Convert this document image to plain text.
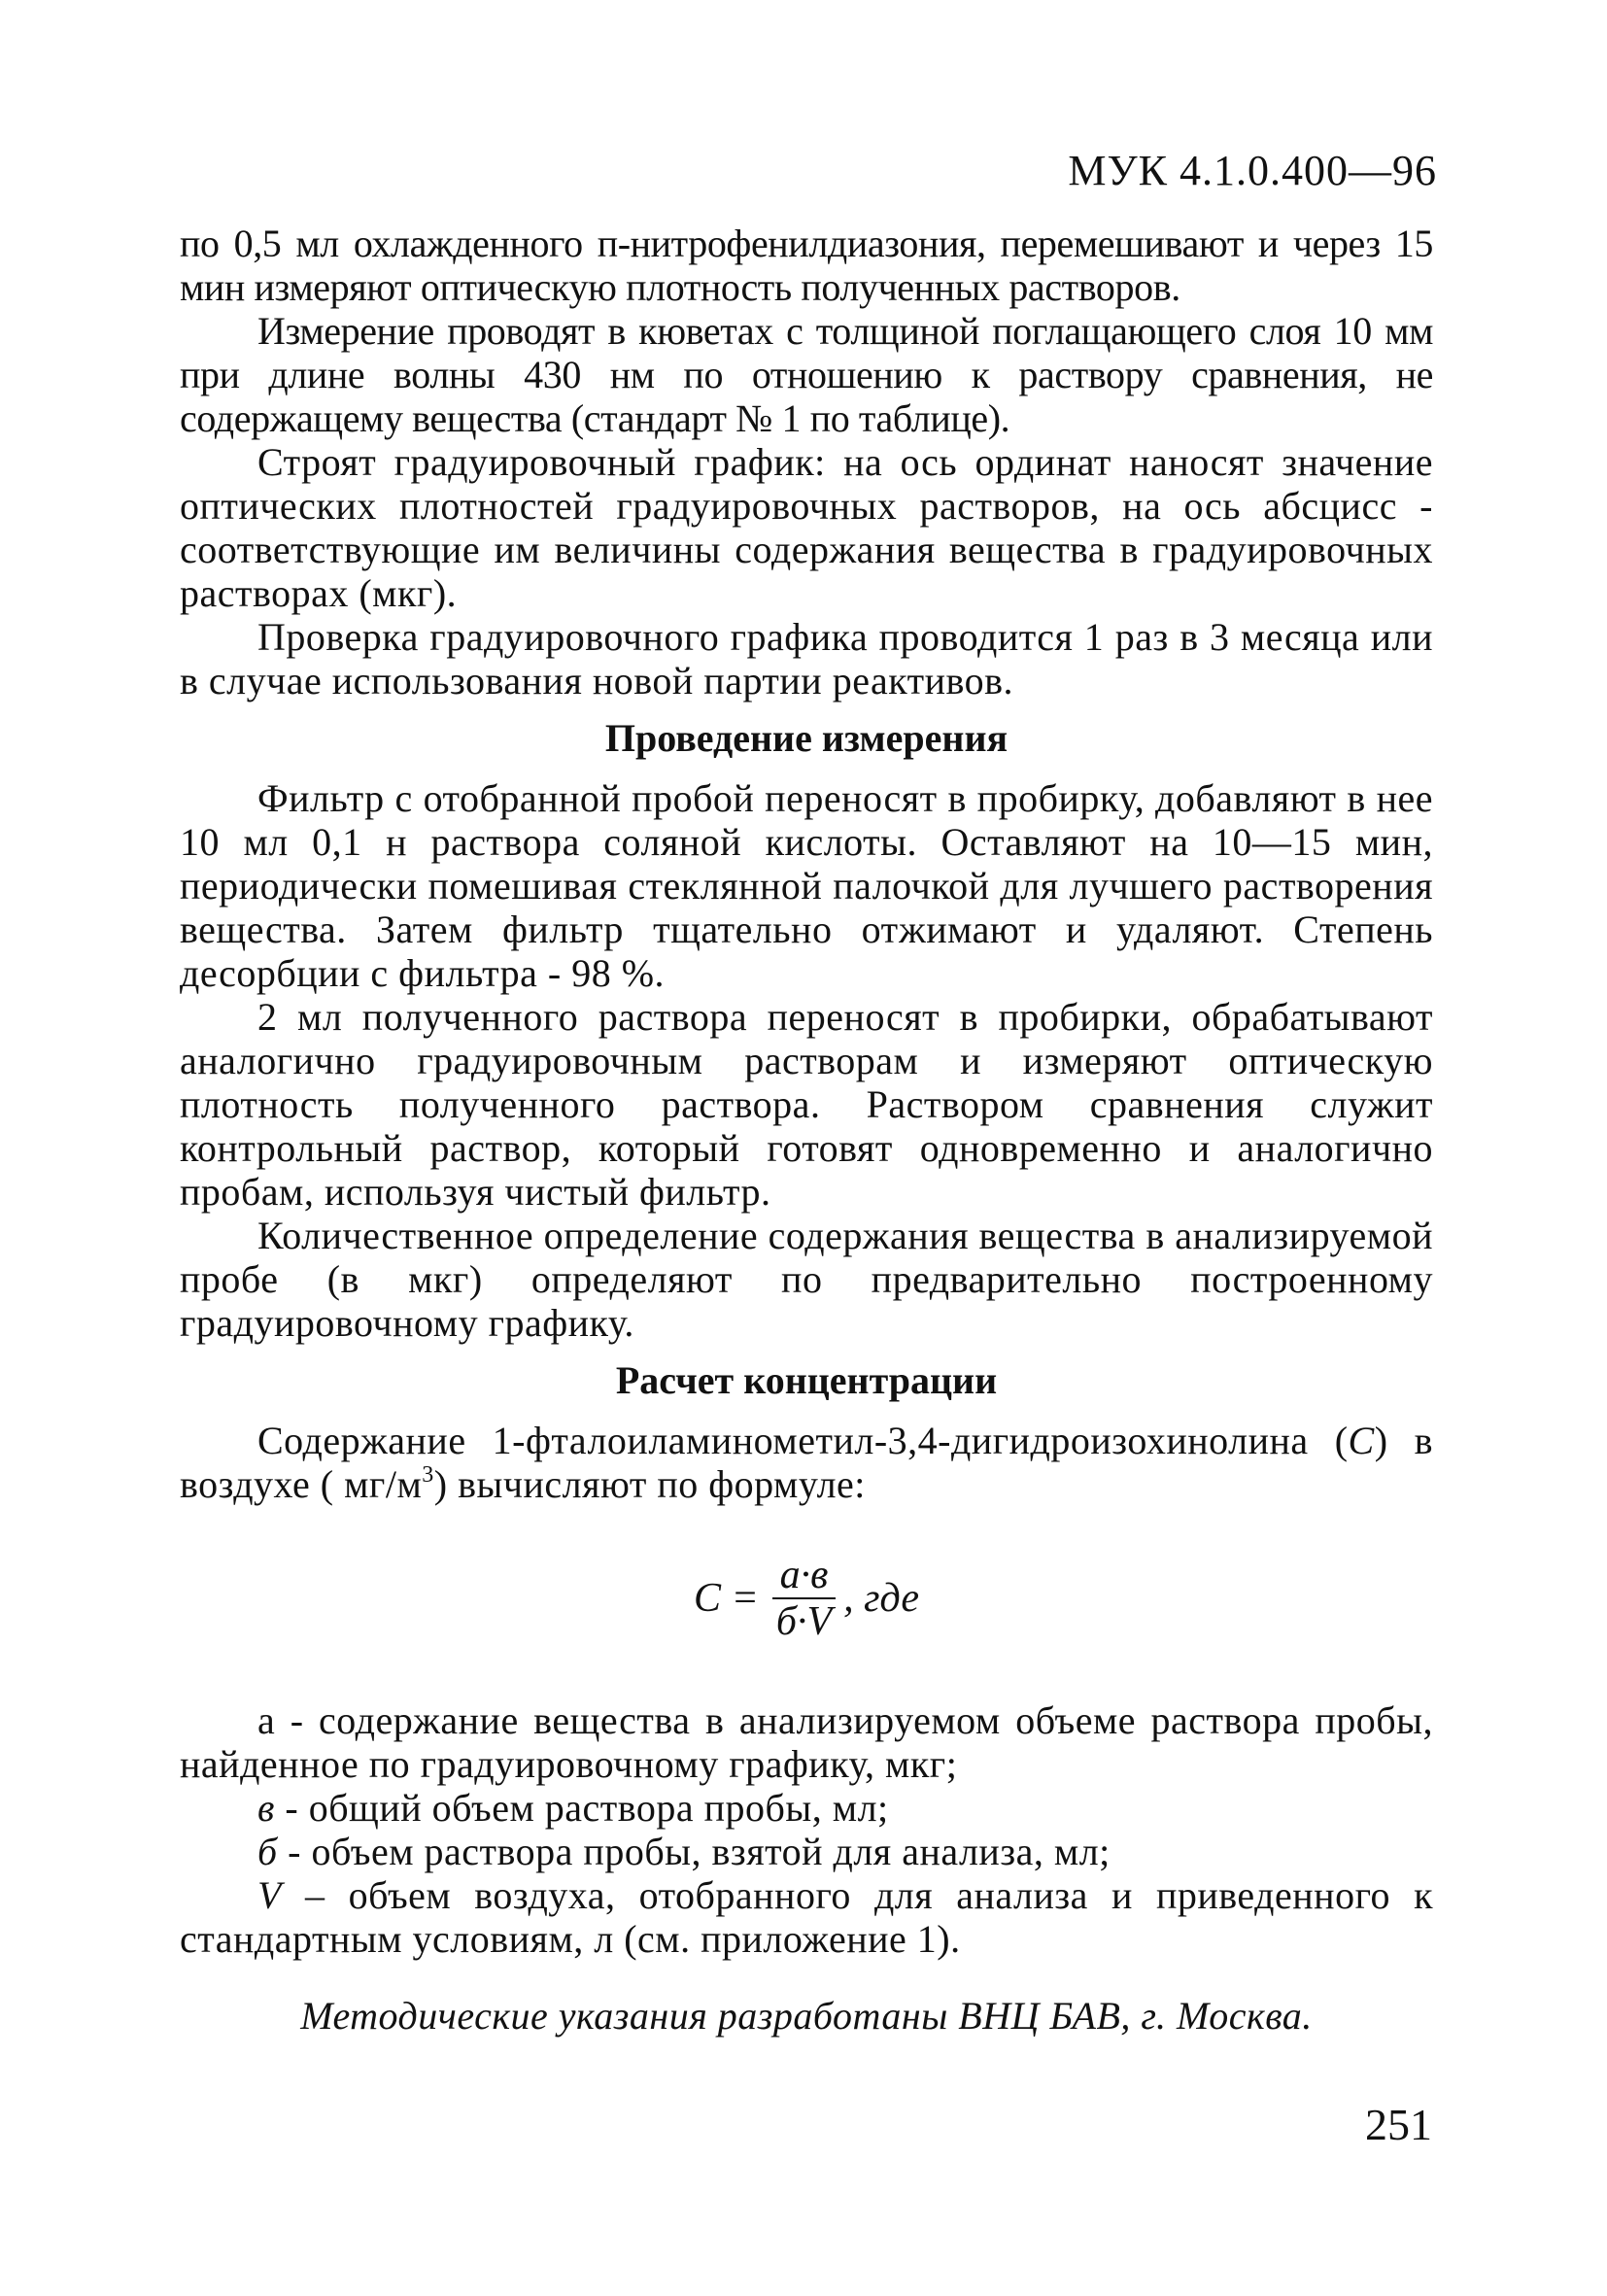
МУК 4.1.0.400—96

по 0,5 мл охлажденного п-нитрофенилдиазония, перемешивают и через 15 мин измеряют оптическую плотность полученных растворов.

Измерение проводят в кюветах с толщиной поглащающего слоя 10 мм при длине волны 430 нм по отношению к раствору сравнения, не содержащему вещества (стандарт № 1 по таблице).

Строят градуировочный график: на ось ординат наносят значение оптических плотностей градуировочных растворов, на ось абсцисс - соответствующие им величины содержания вещества в градуировочных растворах (мкг).

Проверка градуировочного графика проводится 1 раз в 3 месяца или в случае использования новой партии реактивов.

Проведение измерения

Фильтр с отобранной пробой переносят в пробирку, добавляют в нее 10 мл 0,1 н раствора соляной кислоты. Оставляют на 10—15 мин, периодически помешивая стеклянной палочкой для лучшего растворения вещества. Затем фильтр тщательно отжимают и удаляют. Степень десорбции с фильтра - 98 %.

2 мл полученного раствора переносят в пробирки, обрабатывают аналогично градуировочным растворам и измеряют оптическую плотность полученного раствора. Раствором сравнения служит контрольный раствор, который готовят одновременно и аналогично пробам, используя чистый фильтр.

Количественное определение содержания вещества в анализируемой пробе (в мкг) определяют по предварительно построенному градуировочному графику.

Расчет концентрации

Содержание 1-фталоиламинометил-3,4-дигидроизохинолина (С) в воздухе ( $мг/м^3$) вычисляют по формуле:

$С = \frac{а\cdot в}{б\cdot V}$ , где

а - содержание вещества в анализируемом объеме раствора пробы, найденное по градуировочному графику, мкг;

в - общий объем раствора пробы, мл;

б - объем раствора пробы, взятой для анализа, мл;

V – объем воздуха, отобранного для анализа и приведенного к стандартным условиям, л (см. приложение 1).

Методические указания разработаны ВНЦ БАВ, г. Москва.
251
